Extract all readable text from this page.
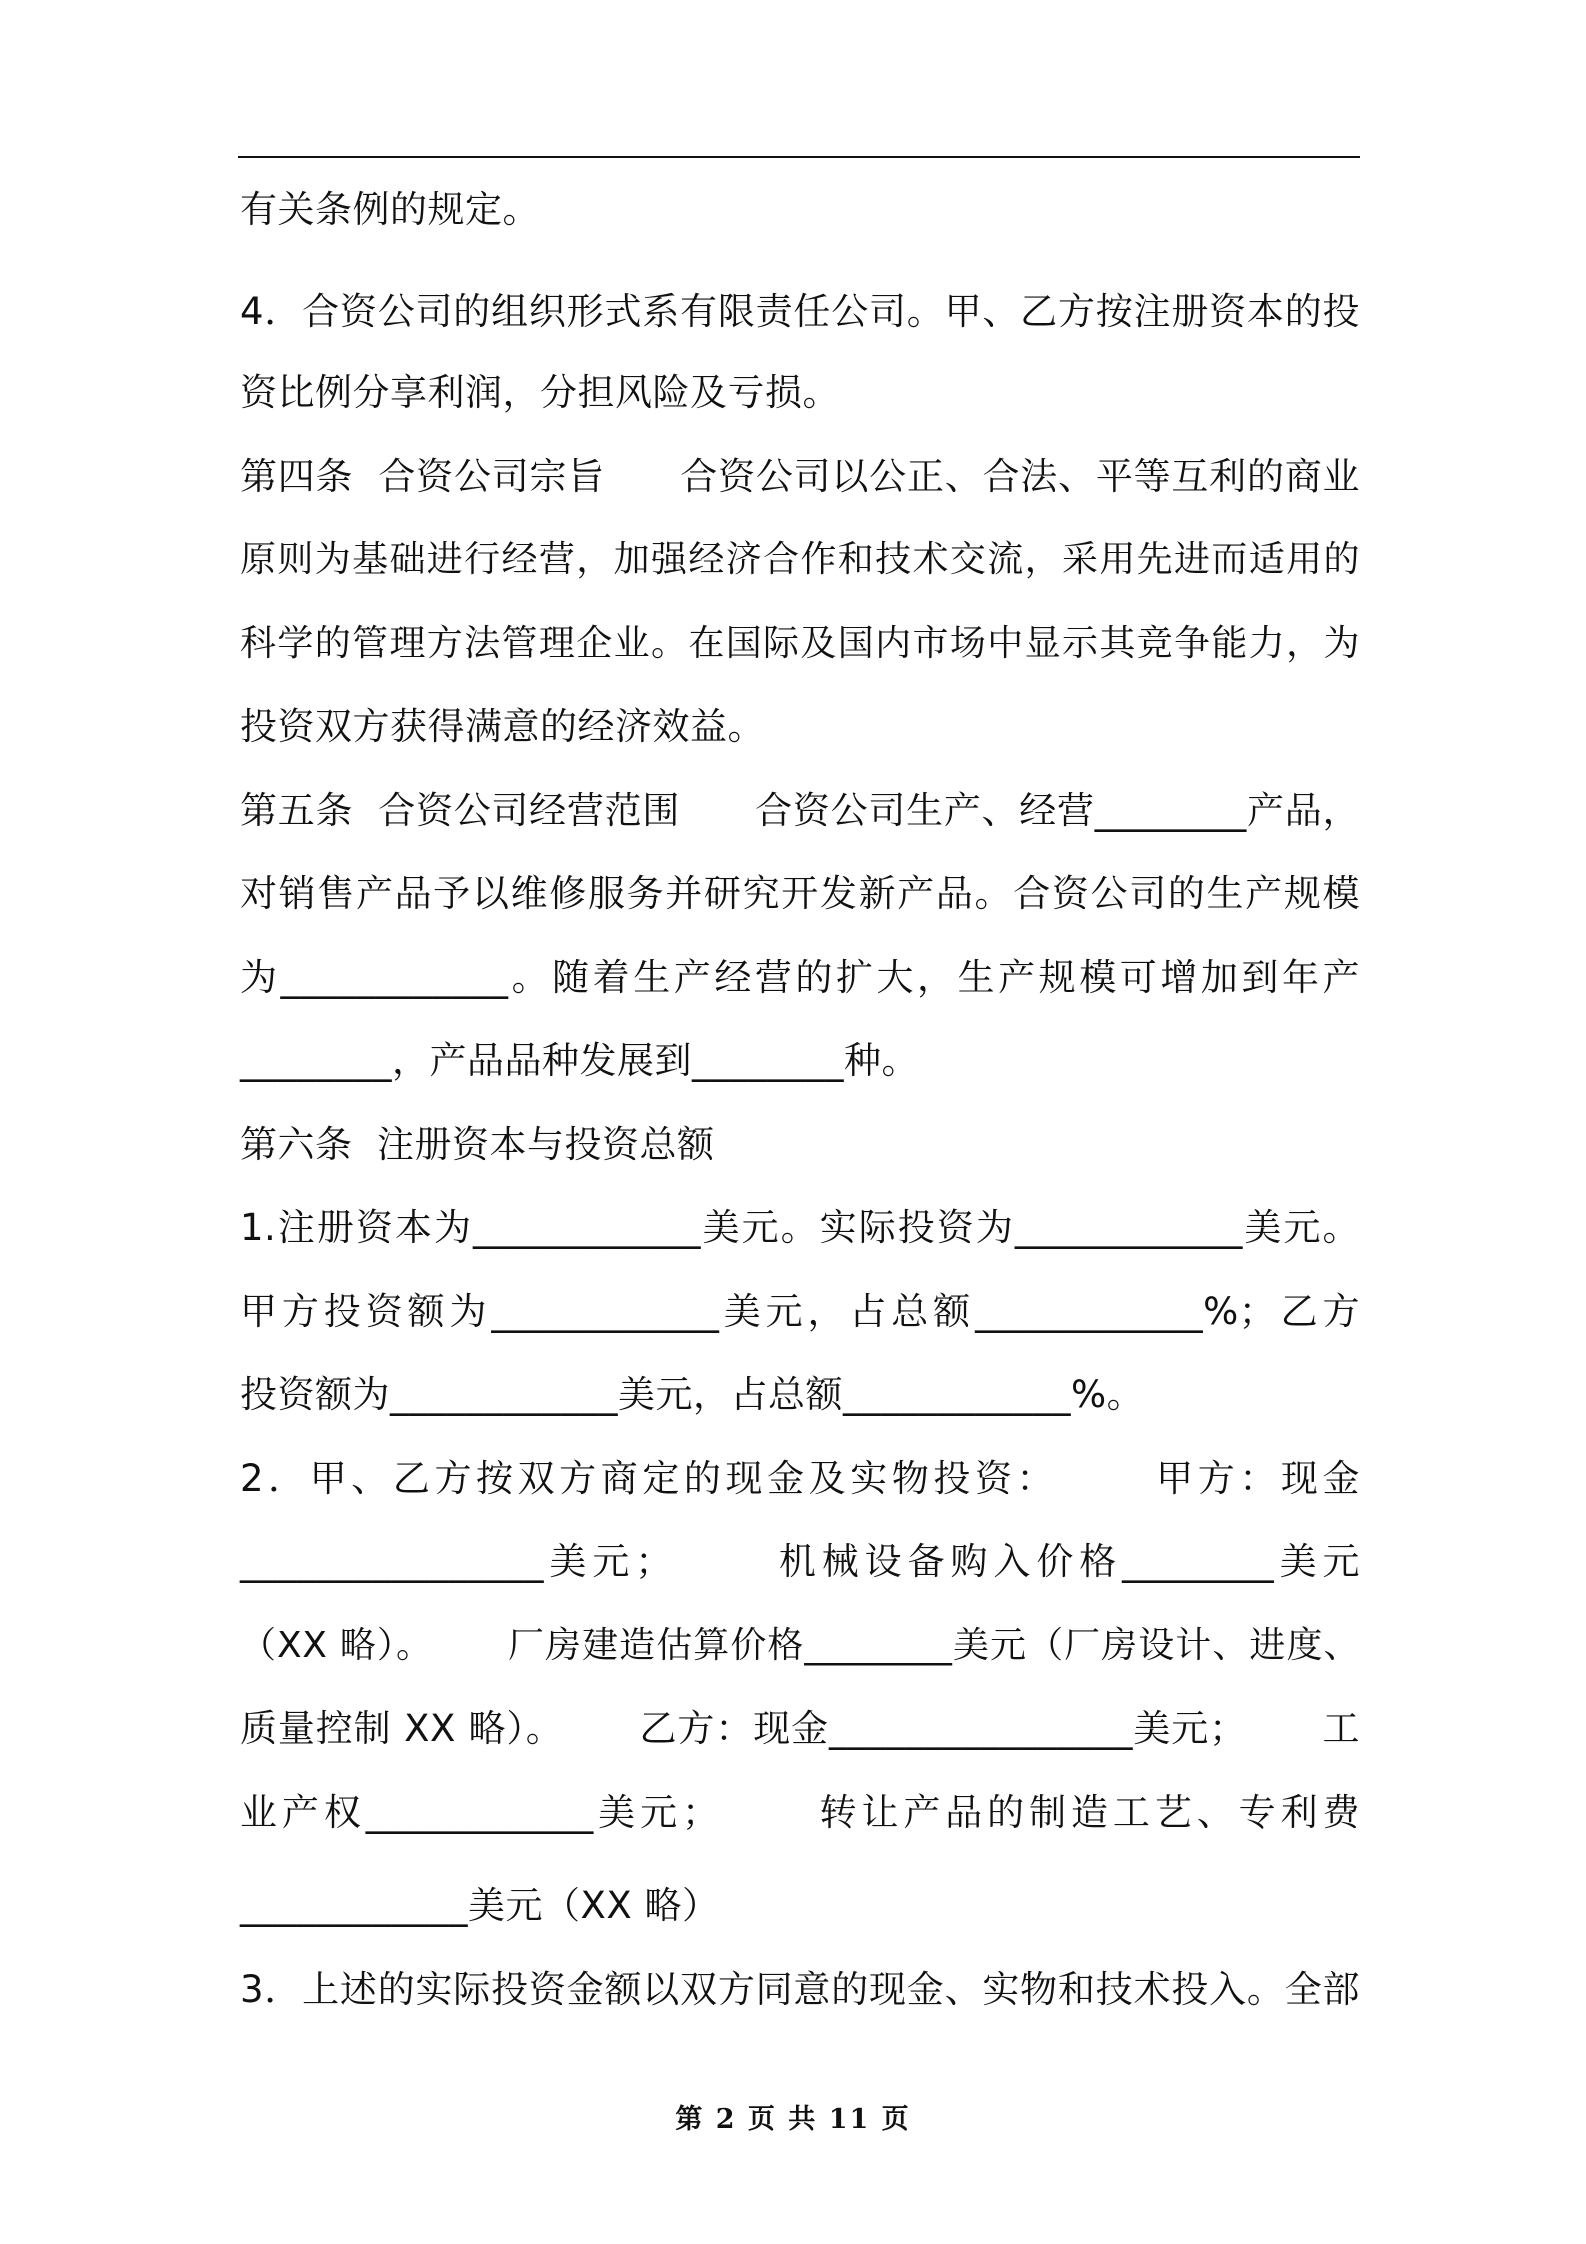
有关条例的规定。
4．合资公司的组织形式系有限责任公司。甲、乙方按注册资本的投
资比例分享利润，分担风险及亏损。
第四条  合资公司宗旨      合资公司以公正、合法、平等互利的商业
原则为基础进行经营，加强经济合作和技术交流，采用先进而适用的
科学的管理方法管理企业。在国际及国内市场中显示其竞争能力，为
投资双方获得满意的经济效益。
第五条  合资公司经营范围      合资公司生产、经营________产品，
对销售产品予以维修服务并研究开发新产品。合资公司的生产规模
为____________。随着生产经营的扩大，生产规模可增加到年产
________，产品品种发展到________种。
第六条  注册资本与投资总额
1.注册资本为____________美元。实际投资为____________美元。
甲方投资额为____________美元，占总额____________%；乙方
投资额为____________美元，占总额____________%。
2．甲、乙方按双方商定的现金及实物投资：      甲方：现金
________________美元；      机械设备购入价格________美元
（XX 略）。      厂房建造估算价格________美元（厂房设计、进度、
质量控制 XX 略）。      乙方：现金________________美元；      工
业产权____________美元；      转让产品的制造工艺、专利费
____________美元（XX 略）
3．上述的实际投资金额以双方同意的现金、实物和技术投入。全部
第 2 页 共 11 页
